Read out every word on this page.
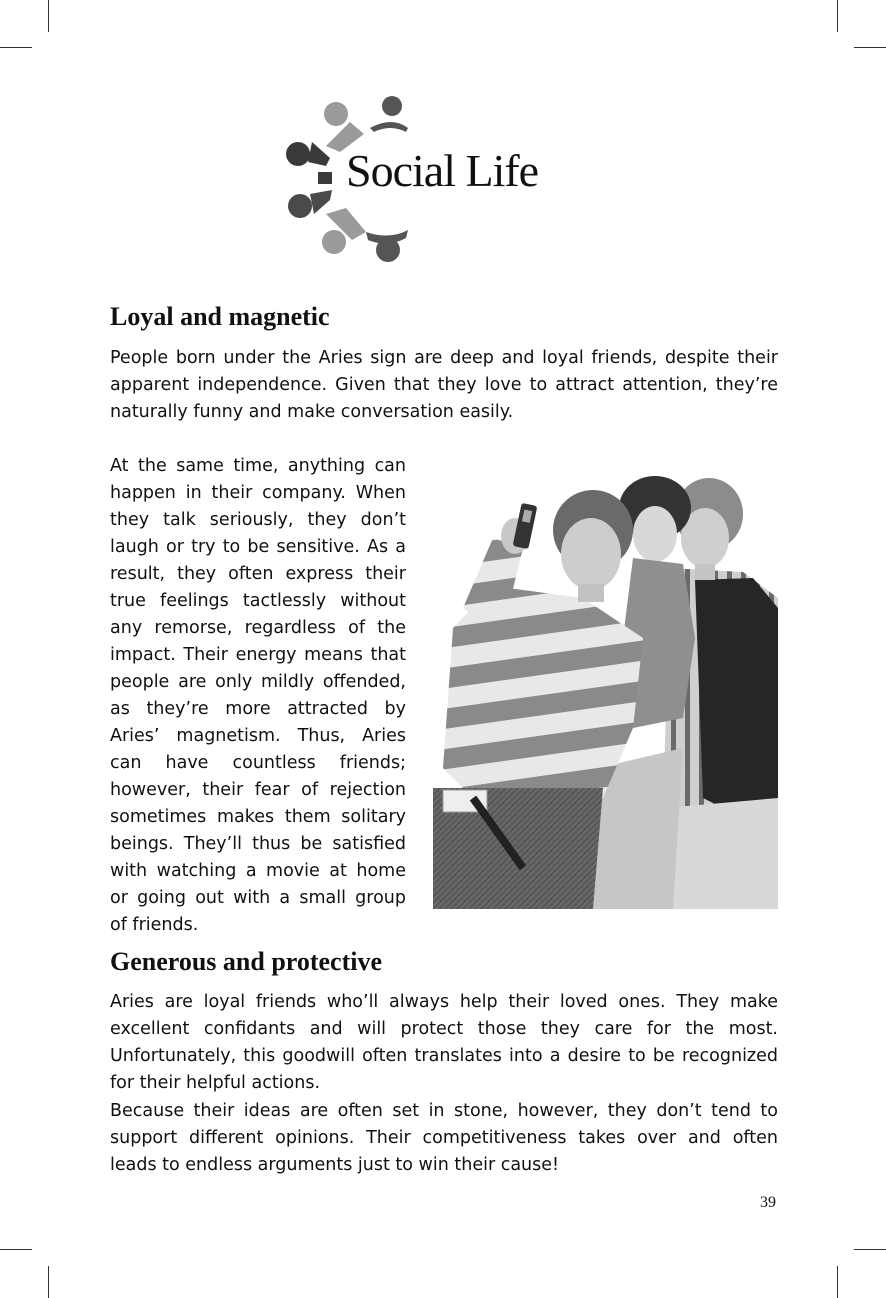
Social Life
Loyal and magnetic

People born under the Aries sign are deep and loyal friends, despite their apparent independence. Given that they love to attract attention, they’re naturally funny and make conversation easily.

At the same time, anything can happen in their company. When they talk seriously, they don’t laugh or try to be sensitive. As a result, they often express their true feelings tactlessly without any remorse, regardless of the impact. Their energy means that people are only mildly offended, as they’re more attracted by Aries’ magnetism. Thus, Aries can have countless friends; however, their fear of rejection sometimes makes them solitary beings. They’ll thus be satisfied with watching a movie at home or going out with a small group of friends.

Generous and protective

Aries are loyal friends who’ll always help their loved ones. They make excellent confidants and will protect those they care for the most. Unfortunately, this goodwill often translates into a desire to be recognized for their helpful actions.

Because their ideas are often set in stone, however, they don’t tend to support different opinions. Their competitiveness takes over and often leads to endless arguments just to win their cause!

39
